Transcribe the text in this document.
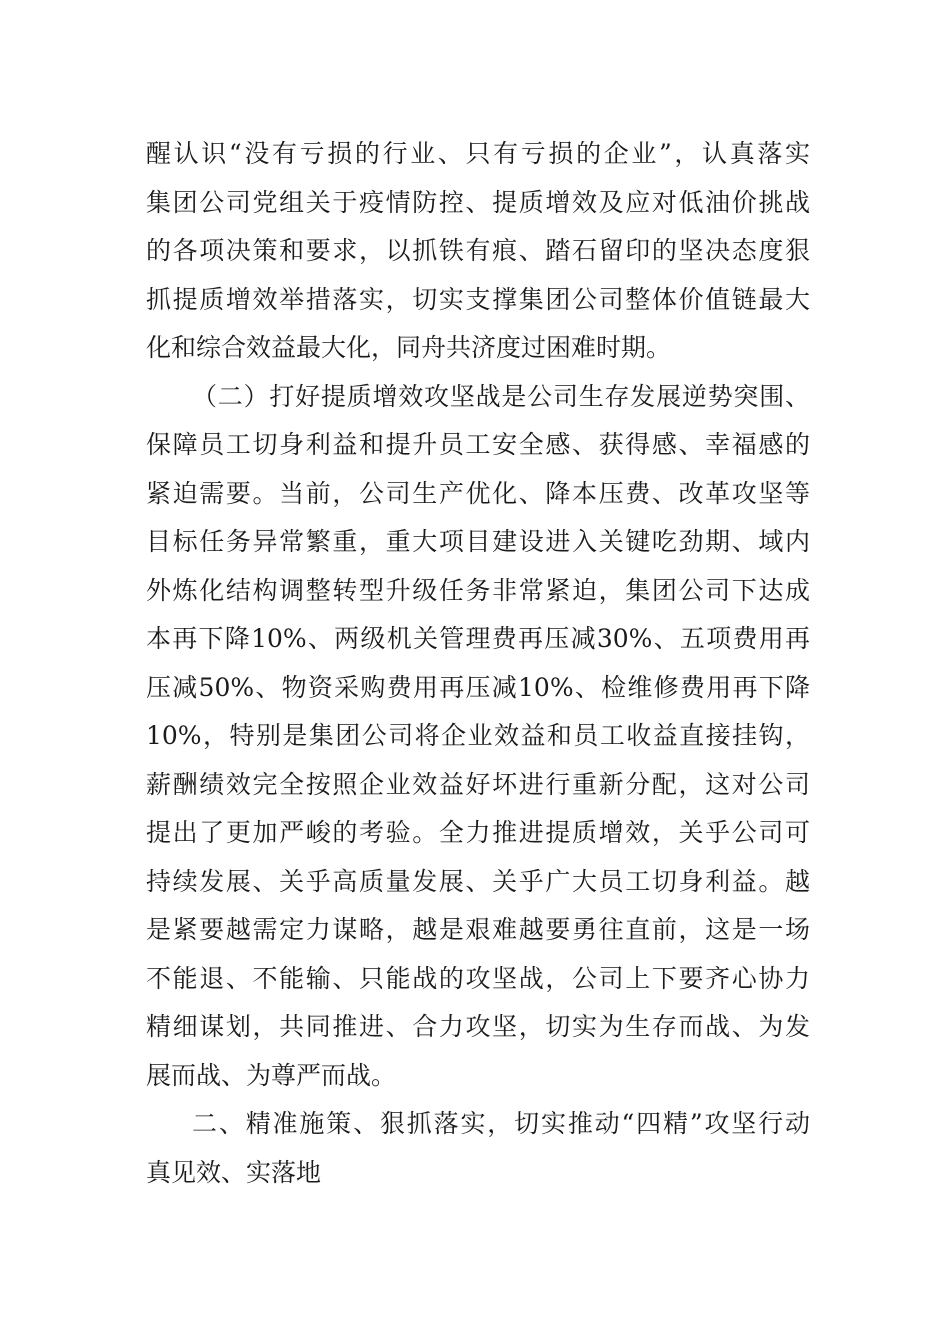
醒认识“没有亏损的行业、只有亏损的企业”，认真落实
集团公司党组关于疫情防控、提质增效及应对低油价挑战
的各项决策和要求，以抓铁有痕、踏石留印的坚决态度狠
抓提质增效举措落实，切实支撑集团公司整体价值链最大
化和综合效益最大化，同舟共济度过困难时期。
（二）打好提质增效攻坚战是公司生存发展逆势突围、
保障员工切身利益和提升员工安全感、获得感、幸福感的
紧迫需要。当前，公司生产优化、降本压费、改革攻坚等
目标任务异常繁重，重大项目建设进入关键吃劲期、域内
外炼化结构调整转型升级任务非常紧迫，集团公司下达成
本再下降10%、两级机关管理费再压减30%、五项费用再
压减50%、物资采购费用再压减10%、检维修费用再下降
10%，特别是集团公司将企业效益和员工收益直接挂钩，
薪酬绩效完全按照企业效益好坏进行重新分配，这对公司
提出了更加严峻的考验。全力推进提质增效，关乎公司可
持续发展、关乎高质量发展、关乎广大员工切身利益。越
是紧要越需定力谋略，越是艰难越要勇往直前，这是一场
不能退、不能输、只能战的攻坚战，公司上下要齐心协力
精细谋划，共同推进、合力攻坚，切实为生存而战、为发
展而战、为尊严而战。
二、精准施策、狠抓落实，切实推动“四精”攻坚行动
真见效、实落地
